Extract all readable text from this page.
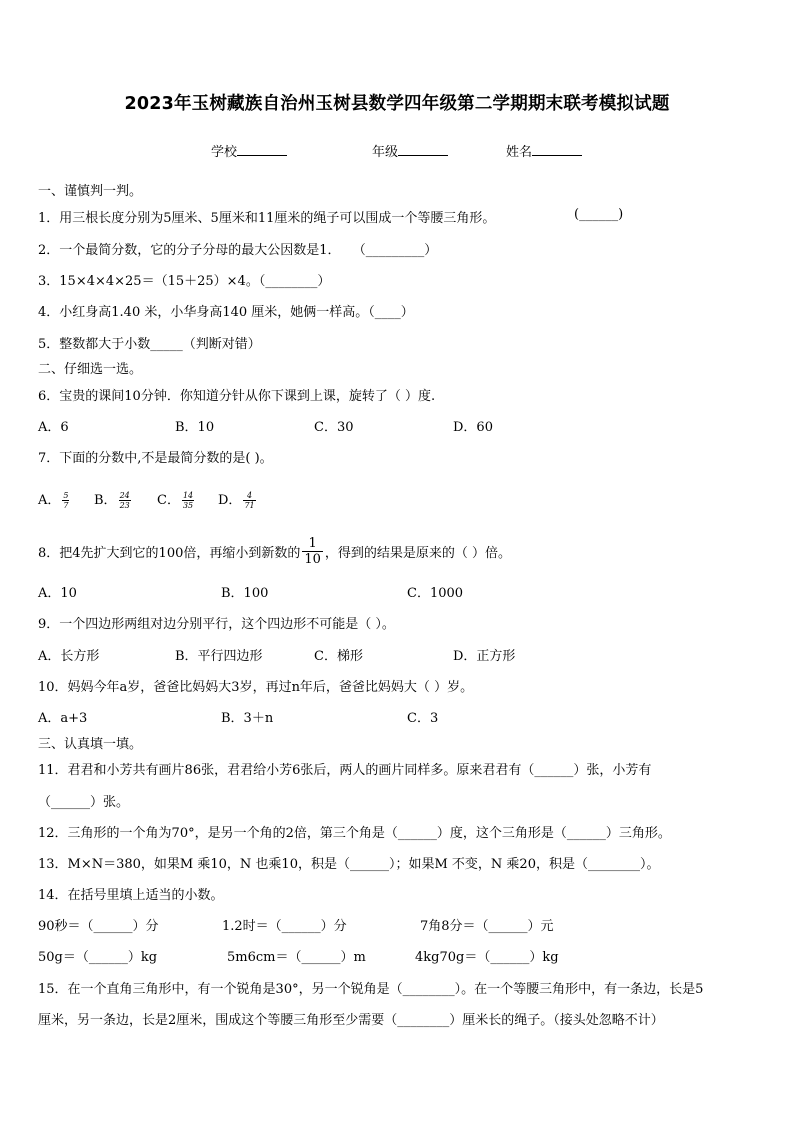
2023年玉树藏族自治州玉树县数学四年级第二学期期末联考模拟试题
学校	年级	姓名
一、谨慎判一判。
1．用三根长度分别为5厘米、5厘米和11厘米的绳子可以围成一个等腰三角形。	(______)
2．一个最简分数，它的分子分母的最大公因数是1． （_________）
3．15×4×4×25＝（15＋25）×4。（________）
4．小红身高1.40 米，小华身高140 厘米，她俩一样高。（____）
5．整数都大于小数_____（判断对错）
二、仔细选一选。
6．宝贵的课间10分钟．你知道分针从你下课到上课，旋转了（ ）度.
A．6	B．10	C．30	D．60
7．下面的分数中,不是最简分数的是( )。
A． $\frac{5}{7}$ B． $\frac{24}{23}$ C． $\frac{14}{35}$ D． $\frac{4}{71}$
8．把4先扩大到它的100倍，再缩小到新数的 $\frac{1}{10}$ ，得到的结果是原来的（ ）倍。
A．10	B．100	C．1000
9．一个四边形两组对边分别平行，这个四边形不可能是（ ）。
A．长方形	B．平行四边形	C．梯形	D．正方形
10．妈妈今年a岁，爸爸比妈妈大3岁，再过n年后，爸爸比妈妈大（ ）岁。
A．a+3	B．3＋n	C．3
三、认真填一填。
11．君君和小芳共有画片86张，君君给小芳6张后，两人的画片同样多。原来君君有（______）张，小芳有
（______）张。
12．三角形的一个角为70°，是另一个角的2倍，第三个角是（______）度，这个三角形是（______）三角形。
13．M×N＝380，如果M 乘10，N 也乘10，积是（______）；如果M 不变，N 乘20，积是（________）。
14．在括号里填上适当的小数。
90秒＝（______）分	1.2时＝（______）分	7角8分＝（______）元
50g＝（______）kg	5m6cm＝（______）m	4kg70g＝（______）kg
15．在一个直角三角形中，有一个锐角是30°，另一个锐角是（________）。在一个等腰三角形中，有一条边，长是5
厘米，另一条边，长是2厘米，围成这个等腰三角形至少需要（________）厘米长的绳子。（接头处忽略不计）
